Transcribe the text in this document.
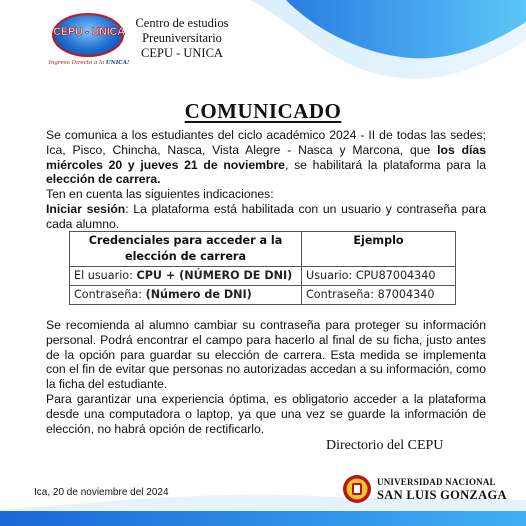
CEPU - UNICA
Ingreso Directo a la UNICA!
Centro de estudios
Preuniversitario
CEPU - UNICA
COMUNICADO
Se comunica a los estudiantes del ciclo académico 2024 - II de todas las sedes; Ica, Pisco, Chincha, Nasca, Vista Alegre - Nasca y Marcona, que los días miércoles 20 y jueves 21 de noviembre, se habilitará la plataforma para la elección de carrera.
Ten en cuenta las siguientes indicaciones:
Iniciar sesión: La plataforma está habilitada con un usuario y contraseña para cada alumno.
Credenciales para acceder a la elección de carrera	Ejemplo
El usuario: CPU + (NÚMERO DE DNI)	Usuario: CPU87004340
Contraseña: (Número de DNI)	Contraseña: 87004340
Se recomienda al alumno cambiar su contraseña para proteger su información personal. Podrá encontrar el campo para hacerlo al final de su ficha, justo antes de la opción para guardar su elección de carrera. Esta medida se implementa con el fin de evitar que personas no autorizadas accedan a su información, como la ficha del estudiante.
Para garantizar una experiencia óptima, es obligatorio acceder a la plataforma desde una computadora o laptop, ya que una vez se guarde la información de elección, no habrá opción de rectificarlo.
Directorio del CEPU
Ica, 20 de noviembre del 2024
UNIVERSIDAD NACIONAL
SAN LUIS GONZAGA
